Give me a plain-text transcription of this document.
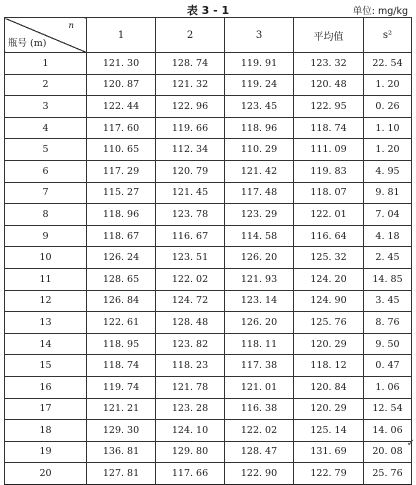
表 3 - 1	单位: mg/kg
n
瓶号 (m)	1	2	3	平均值	s²
1	121. 30	128. 74	119. 91	123. 32	22. 54
2	120. 87	121. 32	119. 24	120. 48	1. 20
3	122. 44	122. 96	123. 45	122. 95	0. 26
4	117. 60	119. 66	118. 96	118. 74	1. 10
5	110. 65	112. 34	110. 29	111. 09	1. 20
6	117. 29	120. 79	121. 42	119. 83	4. 95
7	115. 27	121. 45	117. 48	118. 07	9. 81
8	118. 96	123. 78	123. 29	122. 01	7. 04
9	118. 67	116. 67	114. 58	116. 64	4. 18
10	126. 24	123. 51	126. 20	125. 32	2. 45
11	128. 65	122. 02	121. 93	124. 20	14. 85
12	126. 84	124. 72	123. 14	124. 90	3. 45
13	122. 61	128. 48	126. 20	125. 76	8. 76
14	118. 95	123. 82	118. 11	120. 29	9. 50
15	118. 74	118. 23	117. 38	118. 12	0. 47
16	119. 74	121. 78	121. 01	120. 84	1. 06
17	121. 21	123. 28	116. 38	120. 29	12. 54
18	129. 30	124. 10	122. 02	125. 14	14. 06
19	136. 81	129. 80	128. 47	131. 69	20. 08
20	127. 81	117. 66	122. 90	122. 79	25. 76
✓
